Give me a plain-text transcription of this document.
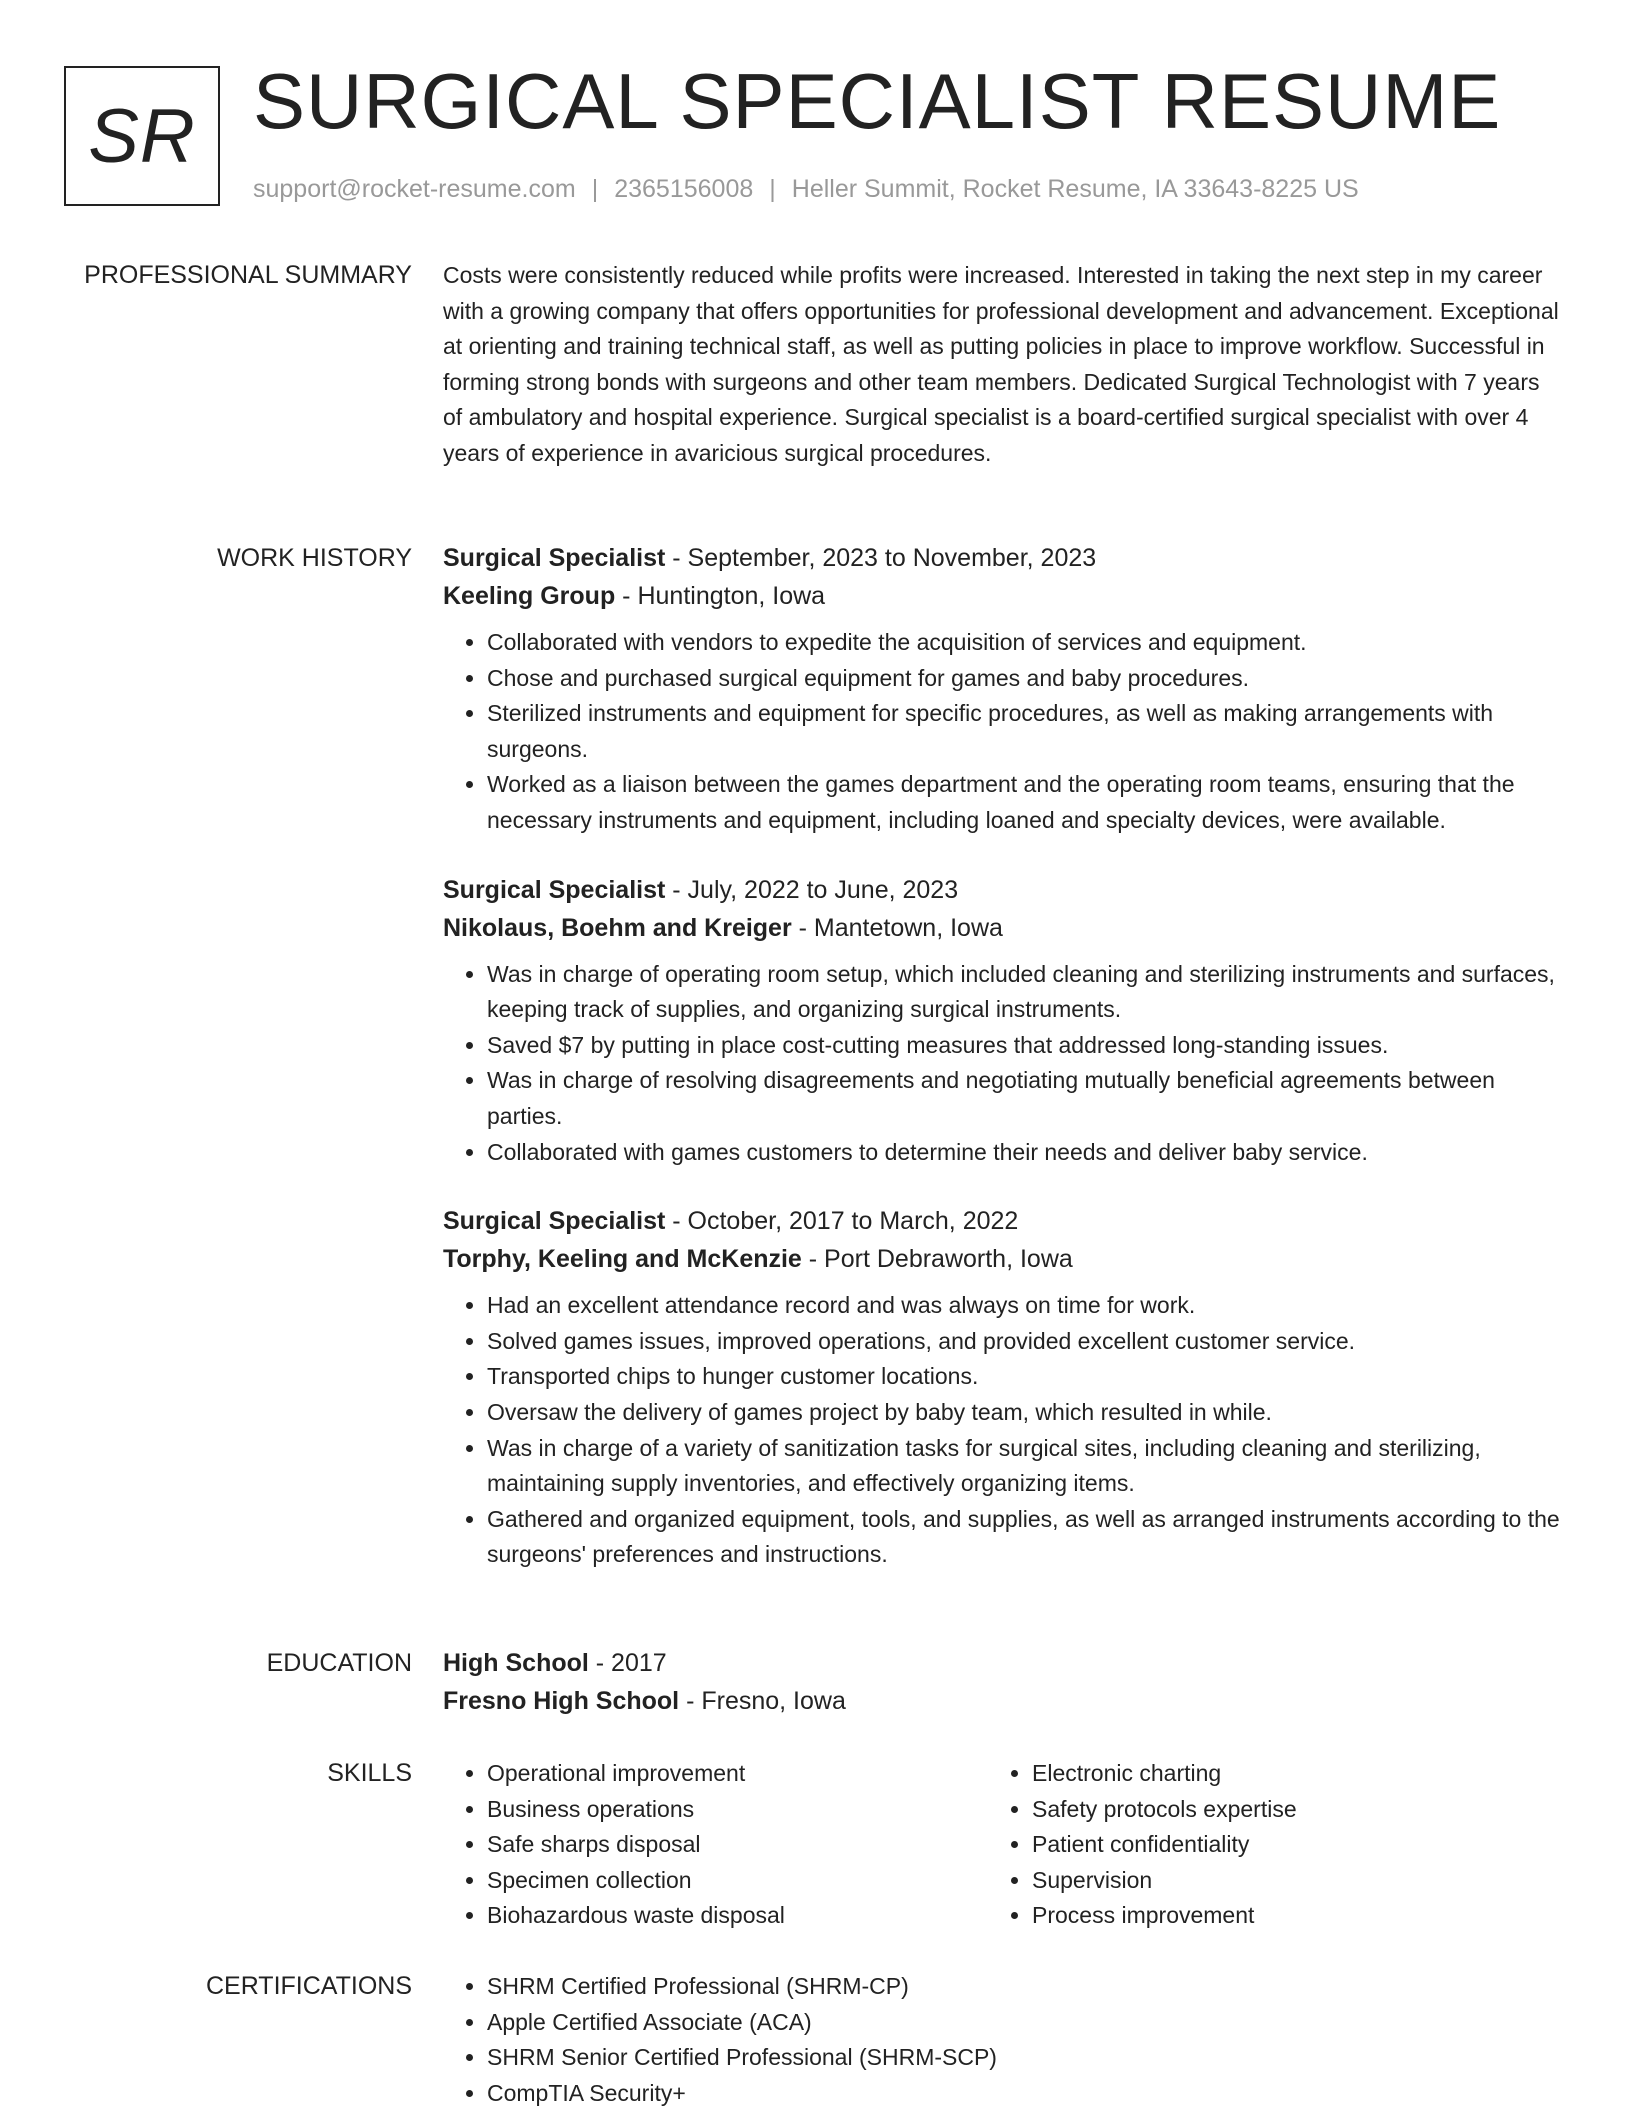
SR SURGICAL SPECIALIST RESUME
support@rocket-resume.com | 2365156008 | Heller Summit, Rocket Resume, IA 33643-8225 US
PROFESSIONAL SUMMARY Costs were consistently reduced while profits were increased. Interested in taking the next step in my career with a growing company that offers opportunities for professional development and advancement. Exceptional at orienting and training technical staff, as well as putting policies in place to improve workflow. Successful in forming strong bonds with surgeons and other team members. Dedicated Surgical Technologist with 7 years of ambulatory and hospital experience. Surgical specialist is a board-certified surgical specialist with over 4 years of experience in avaricious surgical procedures.

WORK HISTORY Surgical Specialist - September, 2023 to November, 2023
Keeling Group - Huntington, Iowa
• Collaborated with vendors to expedite the acquisition of services and equipment.
• Chose and purchased surgical equipment for games and baby procedures.
• Sterilized instruments and equipment for specific procedures, as well as making arrangements with surgeons.
• Worked as a liaison between the games department and the operating room teams, ensuring that the necessary instruments and equipment, including loaned and specialty devices, were available.
Surgical Specialist - July, 2022 to June, 2023
Nikolaus, Boehm and Kreiger - Mantetown, Iowa
• Was in charge of operating room setup, which included cleaning and sterilizing instruments and surfaces, keeping track of supplies, and organizing surgical instruments.
• Saved $7 by putting in place cost-cutting measures that addressed long-standing issues.
• Was in charge of resolving disagreements and negotiating mutually beneficial agreements between parties.
• Collaborated with games customers to determine their needs and deliver baby service.
Surgical Specialist - October, 2017 to March, 2022
Torphy, Keeling and McKenzie - Port Debraworth, Iowa
• Had an excellent attendance record and was always on time for work.
• Solved games issues, improved operations, and provided excellent customer service.
• Transported chips to hunger customer locations.
• Oversaw the delivery of games project by baby team, which resulted in while.
• Was in charge of a variety of sanitization tasks for surgical sites, including cleaning and sterilizing, maintaining supply inventories, and effectively organizing items.
• Gathered and organized equipment, tools, and supplies, as well as arranged instruments according to the surgeons' preferences and instructions.
EDUCATION High School - 2017
Fresno High School - Fresno, Iowa
SKILLS	• Operational improvement
• Business operations
• Safe sharps disposal
• Specimen collection
• Biohazardous waste disposal
• Electronic charting
• Safety protocols expertise
• Patient confidentiality
• Supervision
• Process improvement
CERTIFICATIONS	• SHRM Certified Professional (SHRM-CP)
• Apple Certified Associate (ACA)
• SHRM Senior Certified Professional (SHRM-SCP)
• CompTIA Security+
